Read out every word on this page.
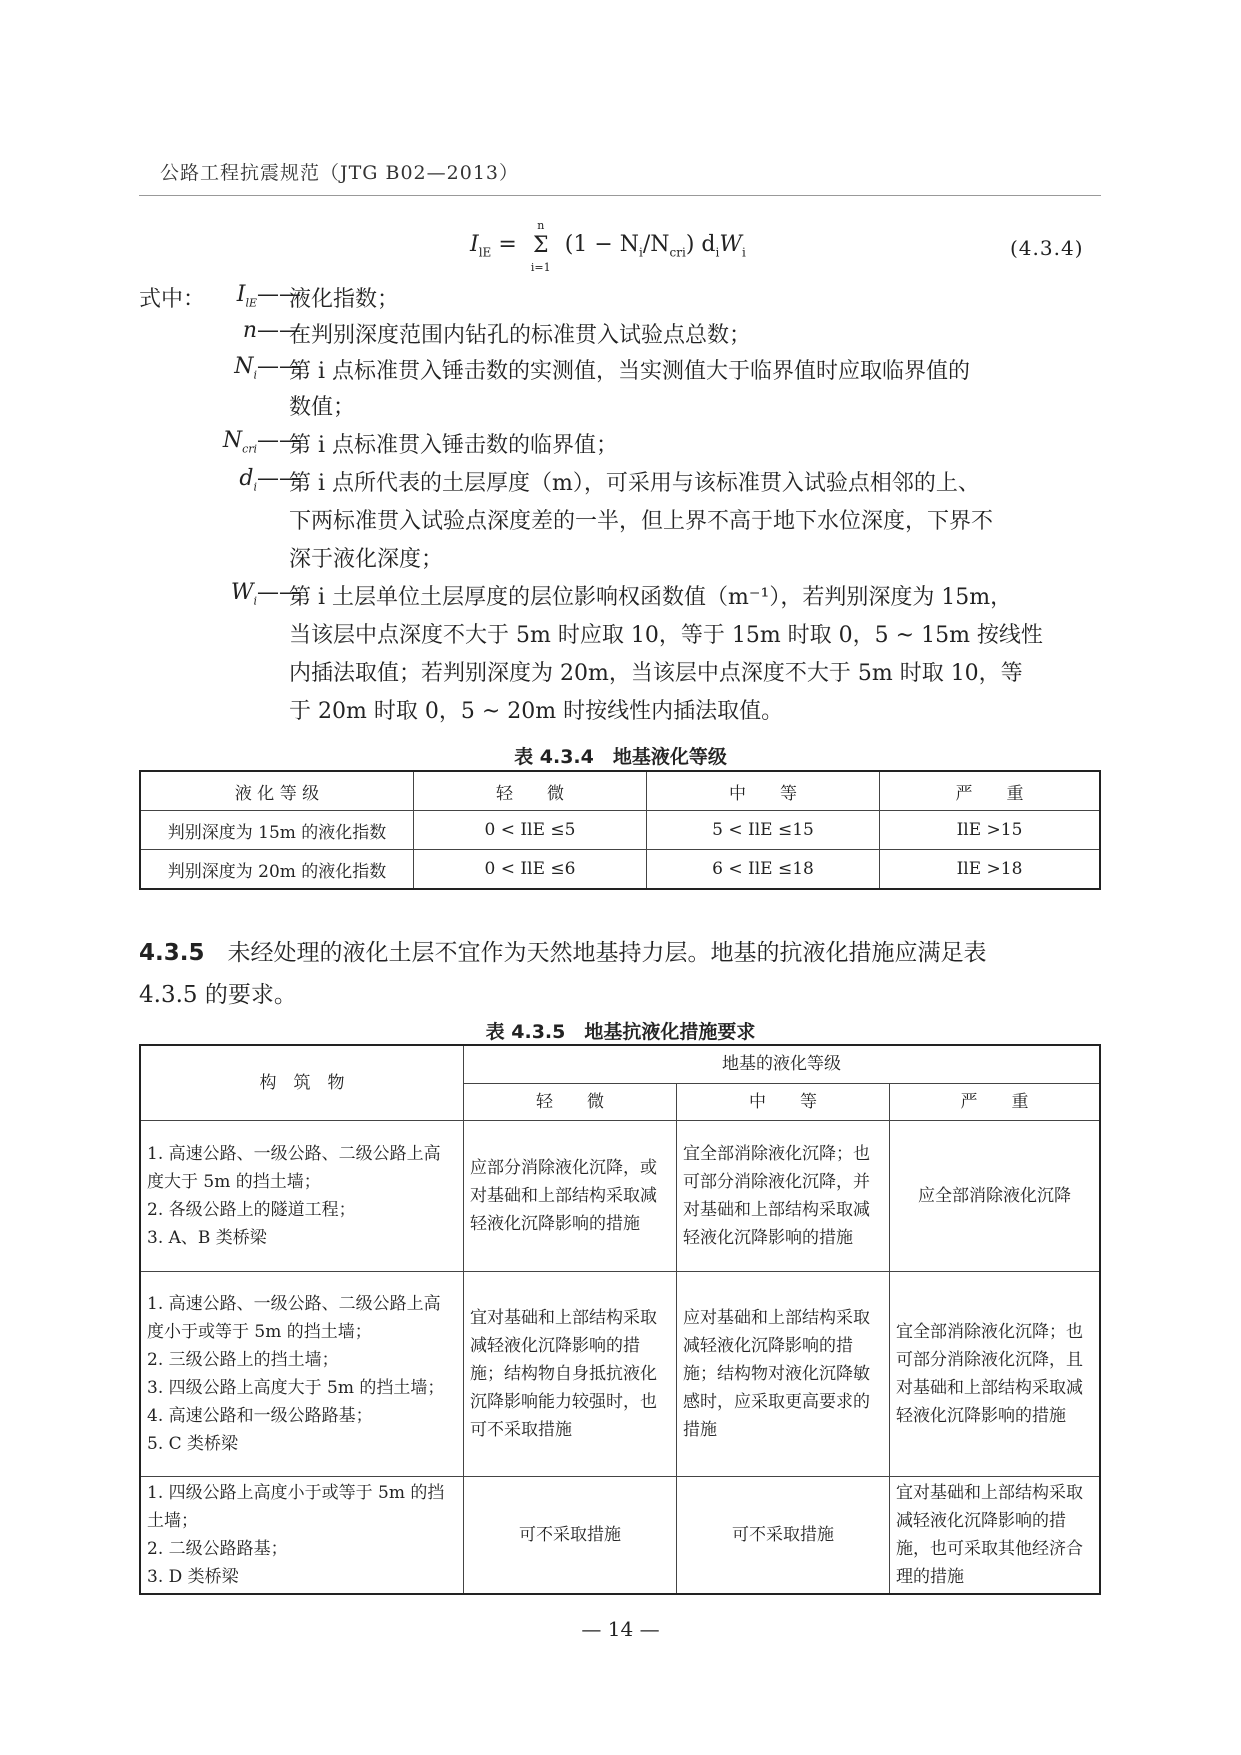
公路工程抗震规范（JTG B02—2013）
$I_{lE}$ =
n
Σ
i=1
$(1 - N_i/N_{cri})$ $d_iW_i$	(4.3.4)
式中：	$I_{lE}$ ——
液化指数；
n ——
在判别深度范围内钻孔的标准贯入试验点总数；
$N_i$ ——
第 i 点标准贯入锤击数的实测值，当实测值大于临界值时应取临界值的
数值；
$N_{cri}$ ——
第 i 点标准贯入锤击数的临界值；
$d_i$ ——
第 i 点所代表的土层厚度（m），可采用与该标准贯入试验点相邻的上、
下两标准贯入试验点深度差的一半，但上界不高于地下水位深度，下界不
深于液化深度；
$W_i$ ——
第 i 土层单位土层厚度的层位影响权函数值（m⁻¹），若判别深度为 15m，
当该层中点深度不大于 5m 时应取 10，等于 15m 时取 0，5 ~ 15m 按线性
内插法取值；若判别深度为 20m，当该层中点深度不大于 5m 时取 10，等
于 20m 时取 0，5 ~ 20m 时按线性内插法取值。
表 4.3.4　地基液化等级
液 化 等 级	轻　　微	中　　等	严　　重
判别深度为 15m 的液化指数	0 < IlE ≤5	5 < IlE ≤15	IlE >15
判别深度为 20m 的液化指数	0 < IlE ≤6	6 < IlE ≤18	IlE >18
4.3.5　 未经处理的液化土层不宜作为天然地基持力层。地基的抗液化措施应满足表
4.3.5 的要求。
表 4.3.5　地基抗液化措施要求
构　筑　物	地基的液化等级		
	轻　　微	中　　等	严　　重

1. 高速公路、一级公路、二级公路上高度大于 5m 的挡土墙；
2. 各级公路上的隧道工程；
3. A、B 类桥梁	应部分消除液化沉降，或对基础和上部结构采取减轻液化沉降影响的措施	宜全部消除液化沉降；也可部分消除液化沉降，并对基础和上部结构采取减轻液化沉降影响的措施	应全部消除液化沉降

1. 高速公路、一级公路、二级公路上高度小于或等于 5m 的挡土墙；
2. 三级公路上的挡土墙；
3. 四级公路上高度大于 5m 的挡土墙；
4. 高速公路和一级公路路基；
5. C 类桥梁	宜对基础和上部结构采取减轻液化沉降影响的措施；结构物自身抵抗液化沉降影响能力较强时，也可不采取措施	应对基础和上部结构采取减轻液化沉降影响的措施；结构物对液化沉降敏感时，应采取更高要求的措施	宜全部消除液化沉降；也可部分消除液化沉降，且对基础和上部结构采取减轻液化沉降影响的措施

1. 四级公路上高度小于或等于 5m 的挡土墙；
2. 二级公路路基；
3. D 类桥梁	可不采取措施	可不采取措施	宜对基础和上部结构采取减轻液化沉降影响的措施，也可采取其他经济合理的措施
— 14 —
